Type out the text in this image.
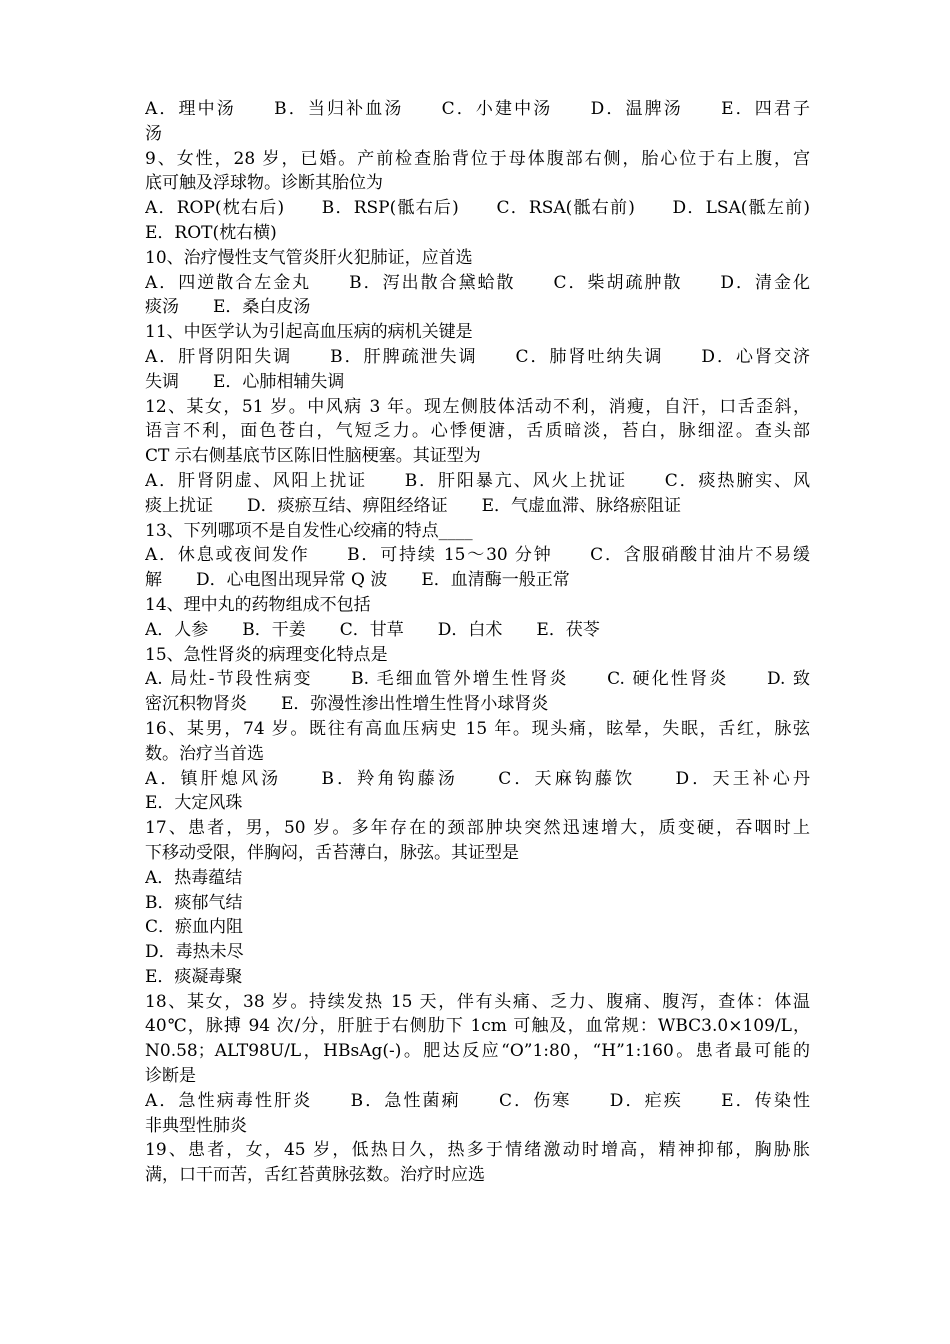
A．理中汤　　B．当归补血汤　　C．小建中汤　　D．温脾汤　　E．四君子
汤
9、女性，28 岁，已婚。产前检查胎背位于母体腹部右侧，胎心位于右上腹，宫
底可触及浮球物。诊断其胎位为
A．ROP(枕右后)　　B．RSP(骶右后)　　C．RSA(骶右前)　　D．LSA(骶左前)
E．ROT(枕右横)
10、治疗慢性支气管炎肝火犯肺证，应首选
A．四逆散合左金丸　　B．泻出散合黛蛤散　　C．柴胡疏肿散　　D．清金化
痰汤　　E．桑白皮汤
11、中医学认为引起高血压病的病机关键是
A．肝肾阴阳失调　　B．肝脾疏泄失调　　C．肺肾吐纳失调　　D．心肾交济
失调　　E．心肺相辅失调
12、某女，51 岁。中风病 3 年。现左侧肢体活动不利，消瘦，自汗，口舌歪斜，
语言不利，面色苍白，气短乏力。心悸便溏，舌质暗淡，苔白，脉细涩。查头部
CT 示右侧基底节区陈旧性脑梗塞。其证型为
A．肝肾阴虚、风阳上扰证　　B．肝阳暴亢、风火上扰证　　C．痰热腑实、风
痰上扰证　　D．痰瘀互结、痹阻经络证　　E．气虚血滞、脉络瘀阻证
13、下列哪项不是自发性心绞痛的特点____
A．休息或夜间发作　　B．可持续 15～30 分钟　　C．含服硝酸甘油片不易缓
解　　D．心电图出现异常 Q 波　　E．血清酶一般正常
14、理中丸的药物组成不包括
A．人参　　B．干姜　　C．甘草　　D．白术　　E．茯苓
15、急性肾炎的病理变化特点是
A. 局灶-节段性病变　　B. 毛细血管外增生性肾炎　　C. 硬化性肾炎　　D. 致
密沉积物肾炎　　E．弥漫性渗出性增生性肾小球肾炎
16、某男，74 岁。既往有高血压病史 15 年。现头痛，眩晕，失眠，舌红，脉弦
数。治疗当首选
A．镇肝熄风汤　　B．羚角钩藤汤　　C．天麻钩藤饮　　D．天王补心丹
E．大定风珠
17、患者，男，50 岁。多年存在的颈部肿块突然迅速增大，质变硬，吞咽时上
下移动受限，伴胸闷，舌苔薄白，脉弦。其证型是
A．热毒蕴结
B．痰郁气结
C．瘀血内阻
D．毒热未尽
E．痰凝毒聚
18、某女，38 岁。持续发热 15 天，伴有头痛、乏力、腹痛、腹泻，查体：体温
40℃，脉搏 94 次/分，肝脏于右侧肋下 1cm 可触及，血常规：WBC3.0×109/L，
N0.58；ALT98U/L，HBsAg(-)。肥达反应“O”1:80，“H”1:160。患者最可能的
诊断是
A．急性病毒性肝炎　　B．急性菌痢　　C．伤寒　　D．疟疾　　E．传染性
非典型性肺炎
19、患者，女，45 岁，低热日久，热多于情绪激动时增高，精神抑郁，胸胁胀
满，口干而苦，舌红苔黄脉弦数。治疗时应选
